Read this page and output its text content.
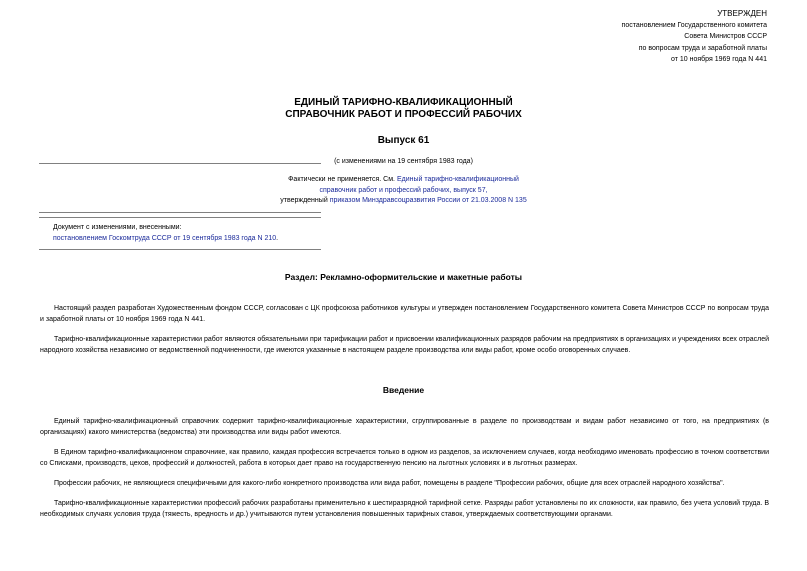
УТВЕРЖДЕН
постановлением Государственного комитета
Совета Министров СССР
по вопросам труда и заработной платы
от 10 ноября 1969 года N 441
ЕДИНЫЙ ТАРИФНО-КВАЛИФИКАЦИОННЫЙ
СПРАВОЧНИК РАБОТ И ПРОФЕССИЙ РАБОЧИХ
Выпуск 61
(с изменениями на 19 сентября 1983 года)
Фактически не применяется. См. Единый тарифно-квалификационный
справочник работ и профессий рабочих, выпуск 57,
утвержденный приказом Минздравсоцразвития России от 21.03.2008 N 135
Документ с изменениями, внесенными:
постановлением Госкомтруда СССР от 19 сентября 1983 года N 210.
Раздел: Рекламно-оформительские и макетные работы
Настоящий раздел разработан Художественным фондом СССР, согласован с ЦК профсоюза работников культуры и утвержден постановлением Государственного комитета Совета Министров СССР по вопросам труда и заработной платы от 10 ноября 1969 года N 441.
Тарифно-квалификационные характеристики работ являются обязательными при тарификации работ и присвоении квалификационных разрядов рабочим на предприятиях в организациях и учреждениях всех отраслей народного хозяйства независимо от ведомственной подчиненности, где имеются указанные в настоящем разделе производства или виды работ, кроме особо оговоренных случаев.
Введение
Единый тарифно-квалификационный справочник содержит тарифно-квалификационные характеристики, сгруппированные в разделе по производствам и видам работ независимо от того, на предприятиях (в организациях) какого министерства (ведомства) эти производства или виды работ имеются.
В Едином тарифно-квалификационном справочнике, как правило, каждая профессия встречается только в одном из разделов, за исключением случаев, когда необходимо именовать профессию в точном соответствии со Списками, производств, цехов, профессий и должностей, работа в которых дает право на государственную пенсию на льготных условиях и в льготных размерах.
Профессии рабочих, не являющиеся специфичными для какого-либо конкретного производства или вида работ, помещены в разделе "Профессии рабочих, общие для всех отраслей народного хозяйства".
Тарифно-квалификационные характеристики профессий рабочих разработаны применительно к шестиразрядной тарифной сетке. Разряды работ установлены по их сложности, как правило, без учета условий труда. В необходимых случаях условия труда (тяжесть, вредность и др.) учитываются путем установления повышенных тарифных ставок, утверждаемых соответствующими органами.
